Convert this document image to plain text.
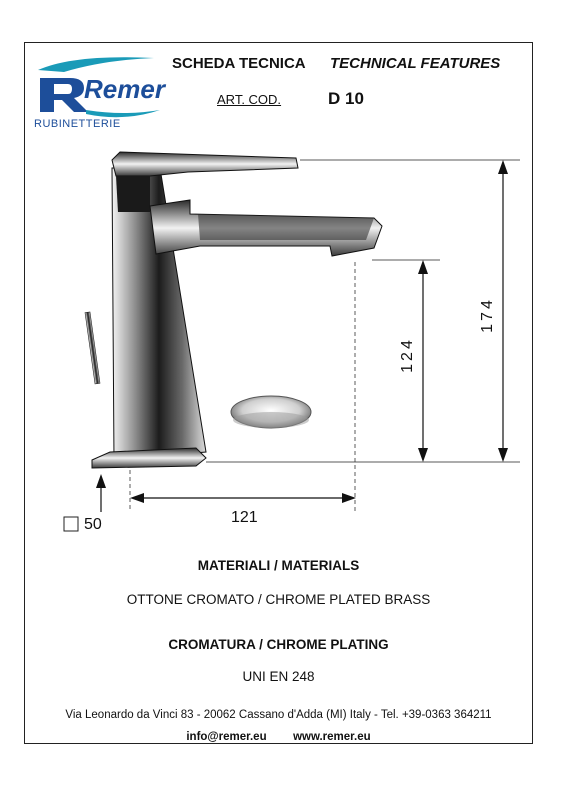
Remer
RUBINETTERIE
SCHEDA TECNICA TECHNICAL FEATURES
ART. COD.	D 10
174
124
121
50
MATERIALI / MATERIALS
OTTONE CROMATO / CHROME PLATED BRASS
CROMATURA / CHROME PLATING
UNI EN 248
Via Leonardo da Vinci 83 - 20062 Cassano d'Adda (MI) Italy - Tel. +39-0363 364211
info@remer.eu www.remer.eu
